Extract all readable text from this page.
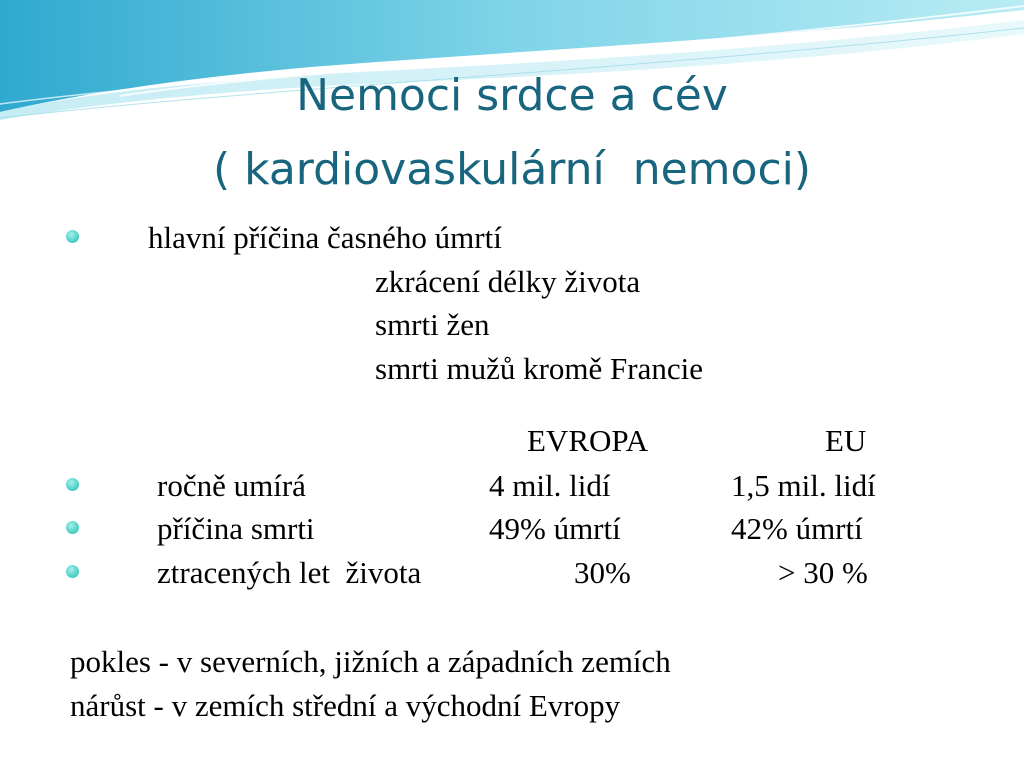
Nemoci srdce a cév
( kardiovaskulární  nemoci)
hlavní příčina časného úmrtí
zkrácení délky života
smrti žen
smrti mužů kromě Francie
EVROPA	EU
ročně umírá	4 mil. lidí	1,5 mil. lidí
příčina smrti	49% úmrtí	42% úmrtí
ztracených let  života	30%	> 30 %
pokles - v severních, jižních a západních zemích
nárůst - v zemích střední a východní Evropy
